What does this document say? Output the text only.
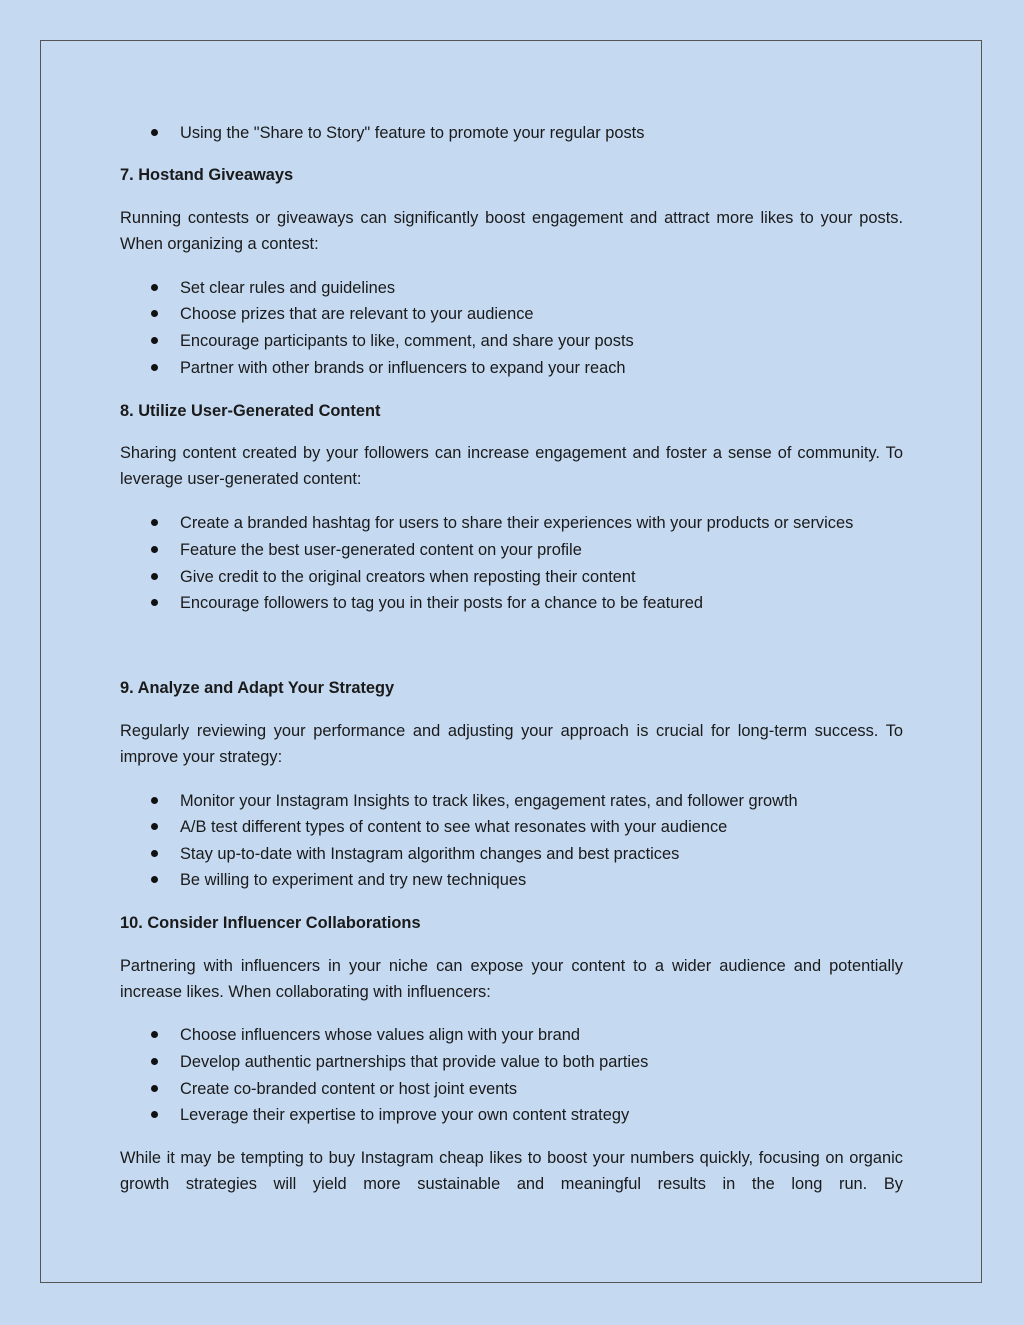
Using the "Share to Story" feature to promote your regular posts
7. Hostand Giveaways
Running contests or giveaways can significantly boost engagement and attract more likes to your posts. When organizing a contest:
Set clear rules and guidelines
Choose prizes that are relevant to your audience
Encourage participants to like, comment, and share your posts
Partner with other brands or influencers to expand your reach
8. Utilize User-Generated Content
Sharing content created by your followers can increase engagement and foster a sense of community. To leverage user-generated content:
Create a branded hashtag for users to share their experiences with your products or services
Feature the best user-generated content on your profile
Give credit to the original creators when reposting their content
Encourage followers to tag you in their posts for a chance to be featured
9. Analyze and Adapt Your Strategy
Regularly reviewing your performance and adjusting your approach is crucial for long-term success. To improve your strategy:
Monitor your Instagram Insights to track likes, engagement rates, and follower growth
A/B test different types of content to see what resonates with your audience
Stay up-to-date with Instagram algorithm changes and best practices
Be willing to experiment and try new techniques
10. Consider Influencer Collaborations
Partnering with influencers in your niche can expose your content to a wider audience and potentially increase likes. When collaborating with influencers:
Choose influencers whose values align with your brand
Develop authentic partnerships that provide value to both parties
Create co-branded content or host joint events
Leverage their expertise to improve your own content strategy
While it may be tempting to buy Instagram cheap likes to boost your numbers quickly, focusing on organic growth strategies will yield more sustainable and meaningful results in the long run. By
